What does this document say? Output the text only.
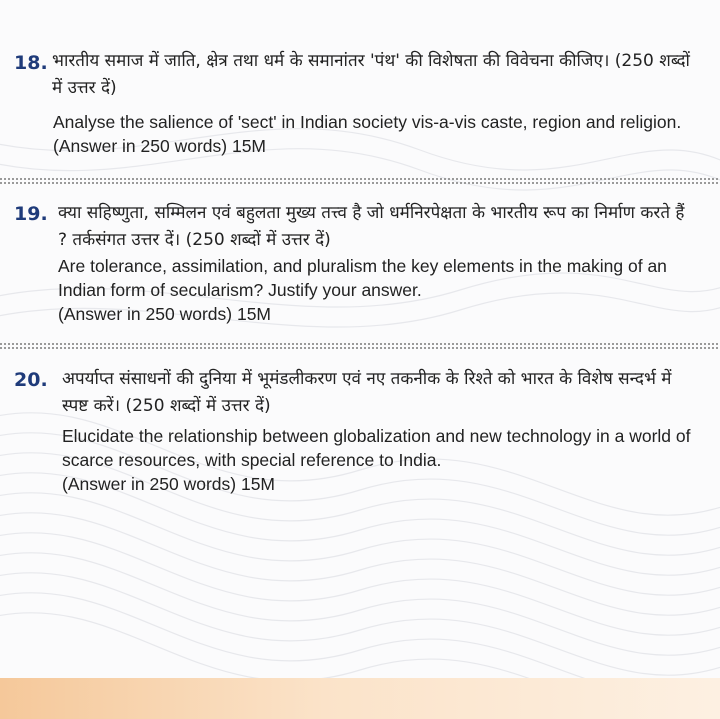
18. भारतीय समाज में जाति, क्षेत्र तथा धर्म के समानांतर 'पंथ' की विशेषता की विवेचना कीजिए। (250 शब्दों में उत्तर दें)
Analyse the salience of 'sect' in Indian society vis-a-vis caste, region and religion. (Answer in 250 words) 15M
19. क्या सहिष्णुता, सम्मिलन एवं बहुलता मुख्य तत्त्व है जो धर्मनिरपेक्षता के भारतीय रूप का निर्माण करते हैं ? तर्कसंगत उत्तर दें। (250 शब्दों में उत्तर दें)
Are tolerance, assimilation, and pluralism the key elements in the making of an Indian form of secularism? Justify your answer.
(Answer in 250 words) 15M
20. अपर्याप्त संसाधनों की दुनिया में भूमंडलीकरण एवं नए तकनीक के रिश्ते को भारत के विशेष सन्दर्भ में स्पष्ट करें। (250 शब्दों में उत्तर दें)
Elucidate the relationship between globalization and new technology in a world of scarce resources, with special reference to India.
(Answer in 250 words) 15M
